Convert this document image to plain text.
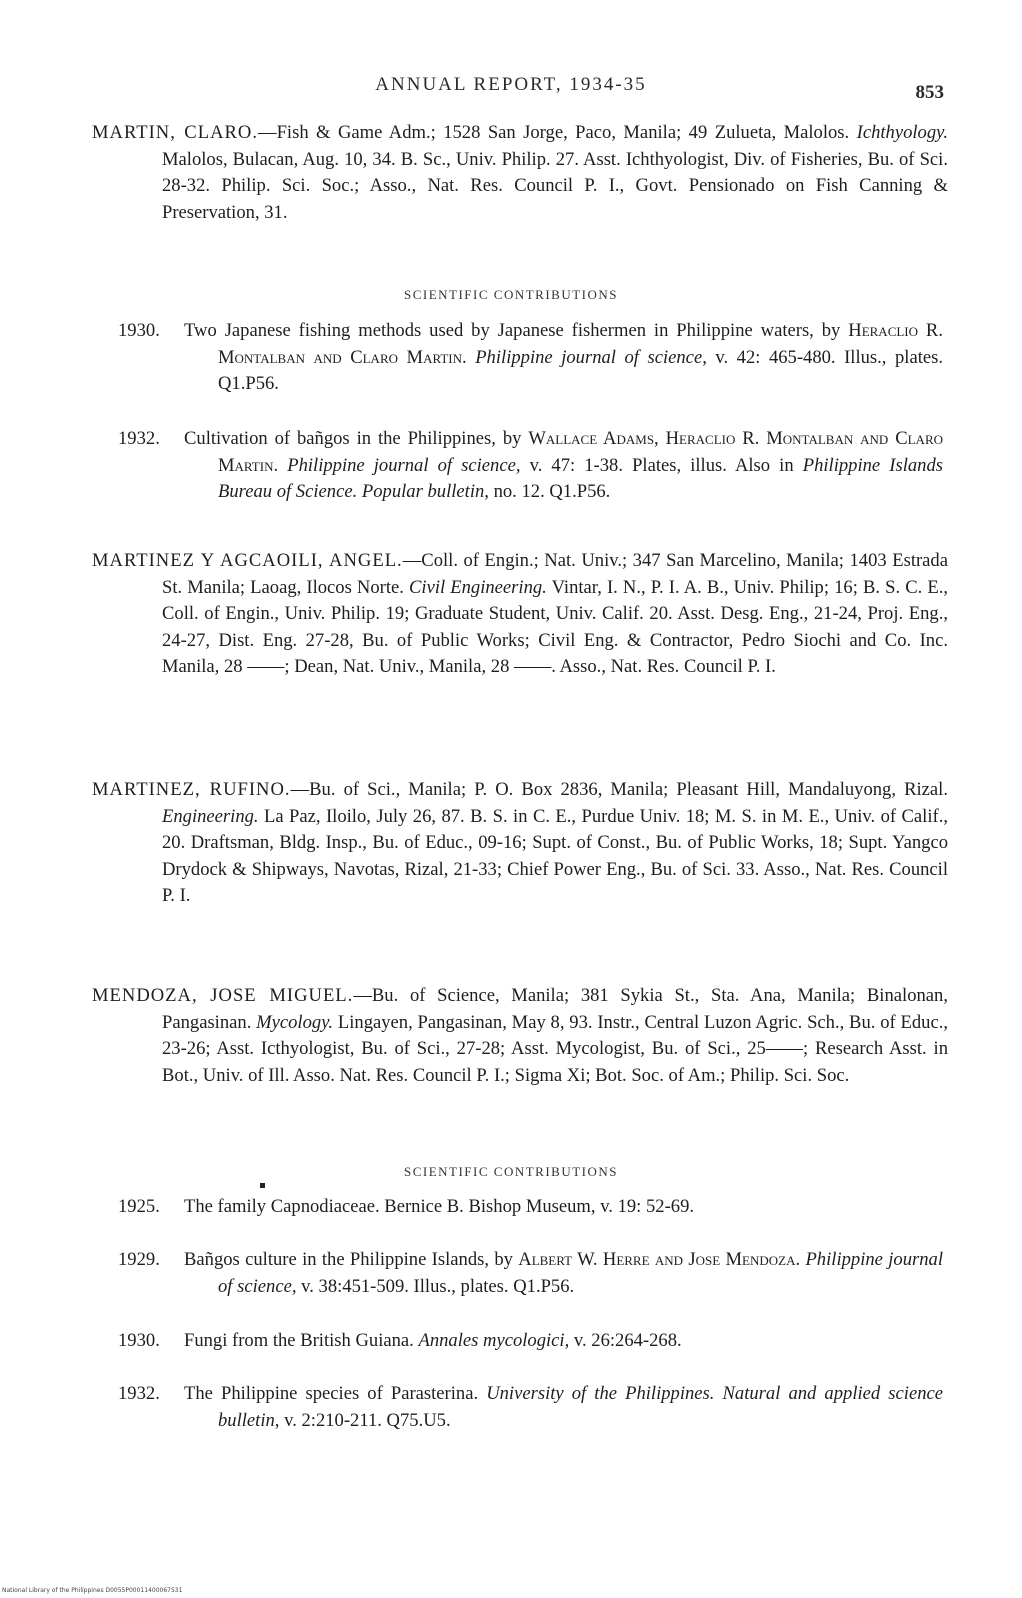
ANNUAL REPORT, 1934-35	853
MARTIN, CLARO.—Fish & Game Adm.; 1528 San Jorge, Paco, Manila; 49 Zulueta, Malolos. Ichthyology. Malolos, Bulacan, Aug. 10, 34. B. Sc., Univ. Philip. 27. Asst. Ichthyologist, Div. of Fisheries, Bu. of Sci. 28-32. Philip. Sci. Soc.; Asso., Nat. Res. Council P. I., Govt. Pensionado on Fish Canning & Preservation, 31.
SCIENTIFIC CONTRIBUTIONS
1930. Two Japanese fishing methods used by Japanese fishermen in Philippine waters, by Heraclio R. Montalban and Claro Martin. Philippine journal of science, v. 42: 465-480. Illus., plates. Q1.P56.
1932. Cultivation of bañgos in the Philippines, by Wallace Adams, Heraclio R. Montalban and Claro Martin. Philippine journal of science, v. 47: 1-38. Plates, illus. Also in Philippine Islands Bureau of Science. Popular bulletin, no. 12. Q1.P56.
MARTINEZ Y AGCAOILI, ANGEL.—Coll. of Engin.; Nat. Univ.; 347 San Marcelino, Manila; 1403 Estrada St. Manila; Laoag, Ilocos Norte. Civil Engineering. Vintar, I. N., P. I. A. B., Univ. Philip; 16; B. S. C. E., Coll. of Engin., Univ. Philip. 19; Graduate Student, Univ. Calif. 20. Asst. Desg. Eng., 21-24, Proj. Eng., 24-27, Dist. Eng. 27-28, Bu. of Public Works; Civil Eng. & Contractor, Pedro Siochi and Co. Inc. Manila, 28 ——; Dean, Nat. Univ., Manila, 28 ——. Asso., Nat. Res. Council P. I.
MARTINEZ, RUFINO.—Bu. of Sci., Manila; P. O. Box 2836, Manila; Pleasant Hill, Mandaluyong, Rizal. Engineering. La Paz, Iloilo, July 26, 87. B. S. in C. E., Purdue Univ. 18; M. S. in M. E., Univ. of Calif., 20. Draftsman, Bldg. Insp., Bu. of Educ., 09-16; Supt. of Const., Bu. of Public Works, 18; Supt. Yangco Drydock & Shipways, Navotas, Rizal, 21-33; Chief Power Eng., Bu. of Sci. 33. Asso., Nat. Res. Council P. I.
MENDOZA, JOSE MIGUEL.—Bu. of Science, Manila; 381 Sykia St., Sta. Ana, Manila; Binalonan, Pangasinan. Mycology. Lingayen, Pangasinan, May 8, 93. Instr., Central Luzon Agric. Sch., Bu. of Educ., 23-26; Asst. Icthyologist, Bu. of Sci., 27-28; Asst. Mycologist, Bu. of Sci., 25——; Research Asst. in Bot., Univ. of Ill. Asso. Nat. Res. Council P. I.; Sigma Xi; Bot. Soc. of Am.; Philip. Sci. Soc.
SCIENTIFIC CONTRIBUTIONS
1925. The family Capnodiaceae. Bernice B. Bishop Museum, v. 19: 52-69.
1929. Bañgos culture in the Philippine Islands, by Albert W. Herre and Jose Mendoza. Philippine journal of science, v. 38:451-509. Illus., plates. Q1.P56.
1930. Fungi from the British Guiana. Annales mycologici, v. 26:264-268.
1932. The Philippine species of Parasterina. University of the Philippines. Natural and applied science bulletin, v. 2:210-211. Q75.U5.
National Library of the Philippines D0055P00011400067531
